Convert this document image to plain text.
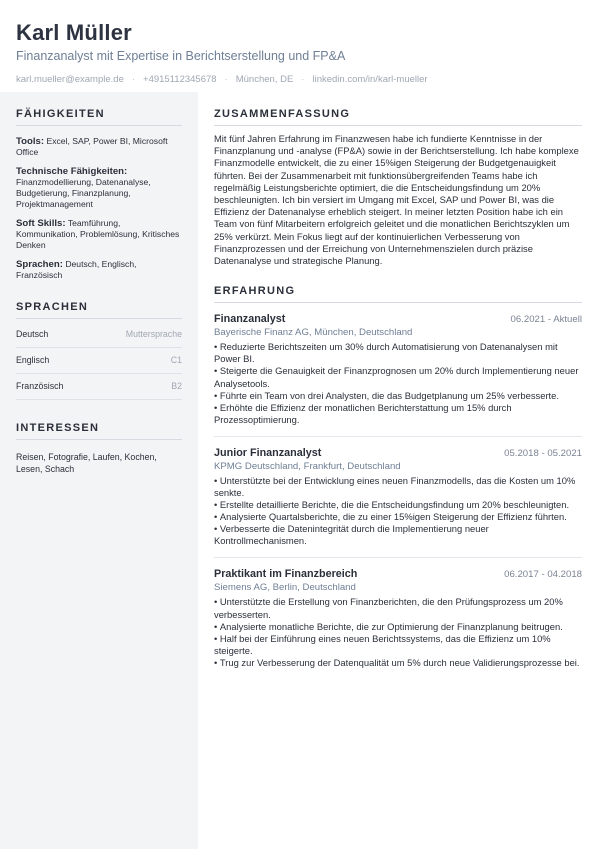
Karl Müller
Finanzanalyst mit Expertise in Berichtserstellung und FP&A
karl.mueller@example.de · +4915112345678 · München, DE · linkedin.com/in/karl-mueller
FÄHIGKEITEN
Tools: Excel, SAP, Power BI, Microsoft Office
Technische Fähigkeiten:
Finanzmodellierung, Datenanalyse, Budgetierung, Finanzplanung, Projektmanagement
Soft Skills: Teamführung, Kommunikation, Problemlösung, Kritisches Denken
Sprachen: Deutsch, Englisch, Französisch
SPRACHEN
Deutsch	Muttersprache
Englisch	C1
Französisch	B2
INTERESSEN
Reisen, Fotografie, Laufen, Kochen, Lesen, Schach
ZUSAMMENFASSUNG

Mit fünf Jahren Erfahrung im Finanzwesen habe ich fundierte Kenntnisse in der Finanzplanung und -analyse (FP&A) sowie in der Berichtserstellung. Ich habe komplexe Finanzmodelle entwickelt, die zu einer 15%igen Steigerung der Budgetgenauigkeit führten. Bei der Zusammenarbeit mit funktionsübergreifenden Teams habe ich regelmäßig Leistungsberichte optimiert, die die Entscheidungsfindung um 20% beschleunigten. Ich bin versiert im Umgang mit Excel, SAP und Power BI, was die Effizienz der Datenanalyse erheblich steigert. In meiner letzten Position habe ich ein Team von fünf Mitarbeitern erfolgreich geleitet und die monatlichen Berichtszyklen um 25% verkürzt. Mein Fokus liegt auf der kontinuierlichen Verbesserung von Finanzprozessen und der Erreichung von Unternehmenszielen durch präzise Datenanalyse und strategische Planung.

ERFAHRUNG
Finanzanalyst	06.2021 - Aktuell
Bayerische Finanz AG, München, Deutschland
• Reduzierte Berichtszeiten um 30% durch Automatisierung von Datenanalysen mit Power BI.
• Steigerte die Genauigkeit der Finanzprognosen um 20% durch Implementierung neuer Analysetools.
• Führte ein Team von drei Analysten, die das Budgetplanung um 25% verbesserte.
• Erhöhte die Effizienz der monatlichen Berichterstattung um 15% durch Prozessoptimierung.
Junior Finanzanalyst	05.2018 - 05.2021
KPMG Deutschland, Frankfurt, Deutschland
• Unterstützte bei der Entwicklung eines neuen Finanzmodells, das die Kosten um 10% senkte.
• Erstellte detaillierte Berichte, die die Entscheidungsfindung um 20% beschleunigten.
• Analysierte Quartalsberichte, die zu einer 15%igen Steigerung der Effizienz führten.
• Verbesserte die Datenintegrität durch die Implementierung neuer Kontrollmechanismen.
Praktikant im Finanzbereich	06.2017 - 04.2018
Siemens AG, Berlin, Deutschland
• Unterstützte die Erstellung von Finanzberichten, die den Prüfungsprozess um 20% verbesserten.
• Analysierte monatliche Berichte, die zur Optimierung der Finanzplanung beitrugen.
• Half bei der Einführung eines neuen Berichtssystems, das die Effizienz um 10% steigerte.
• Trug zur Verbesserung der Datenqualität um 5% durch neue Validierungsprozesse bei.
